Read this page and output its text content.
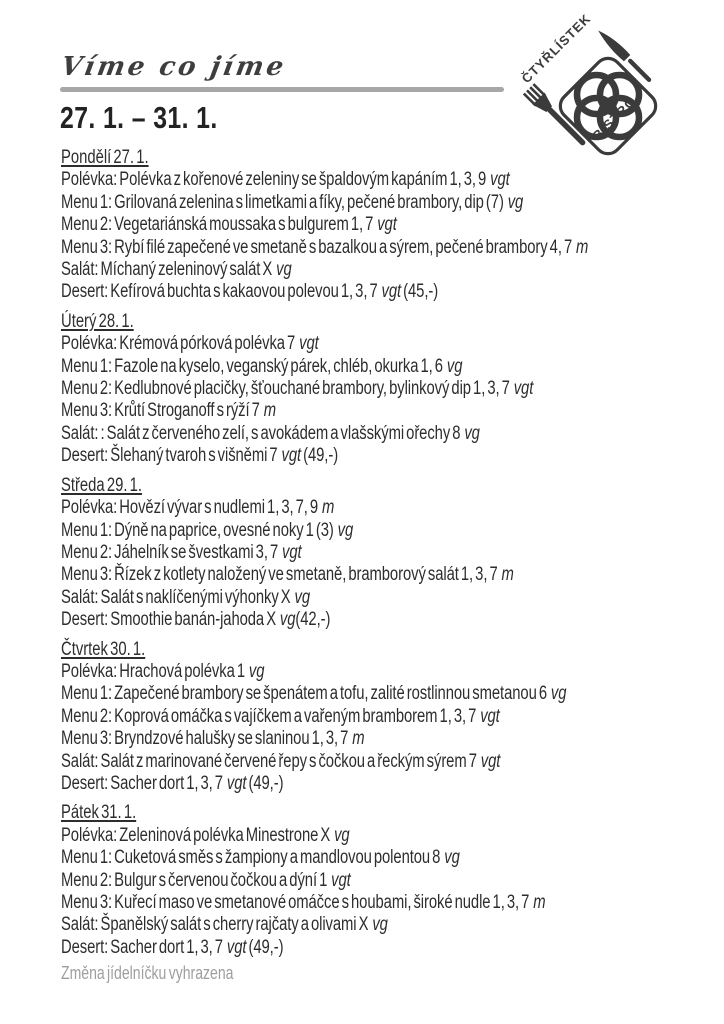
Víme co jíme	ČTYŘLÍSTEK
BISTRO
27. 1. – 31. 1.
Pondělí 27. 1.
Polévka: Polévka z kořenové zeleniny se špaldovým kapáním 1, 3, 9 vgt
Menu 1: Grilovaná zelenina s limetkami a fíky, pečené brambory, dip (7) vg
Menu 2: Vegetariánská moussaka s bulgurem 1, 7 vgt
Menu 3: Rybí filé zapečené ve smetaně s bazalkou a sýrem, pečené brambory 4, 7 m
Salát: Míchaný zeleninový salát X vg
Desert: Kefírová buchta s kakaovou polevou 1, 3, 7 vgt (45,-)
Úterý 28. 1.
Polévka: Krémová pórková polévka 7 vgt
Menu 1: Fazole na kyselo, veganský párek, chléb, okurka 1, 6 vg
Menu 2: Kedlubnové placičky, šťouchané brambory, bylinkový dip 1, 3, 7 vgt
Menu 3: Krůtí Stroganoff s rýží 7 m
Salát: : Salát z červeného zelí, s avokádem a vlašskými ořechy 8 vg
Desert: Šlehaný tvaroh s višněmi 7 vgt (49,-)
Středa 29. 1.
Polévka: Hovězí vývar s nudlemi 1, 3, 7, 9 m
Menu 1: Dýně na paprice, ovesné noky 1 (3) vg
Menu 2: Jáhelník se švestkami 3, 7 vgt
Menu 3: Řízek z kotlety naložený ve smetaně, bramborový salát 1, 3, 7 m
Salát: Salát s naklíčenými výhonky X vg
Desert: Smoothie banán-jahoda X vg(42,-)
Čtvrtek 30. 1.
Polévka: Hrachová polévka 1 vg
Menu 1: Zapečené brambory se špenátem a tofu, zalité rostlinnou smetanou 6 vg
Menu 2: Koprová omáčka s vajíčkem a vařeným bramborem 1, 3, 7 vgt
Menu 3: Bryndzové halušky se slaninou 1, 3, 7 m
Salát: Salát z marinované červené řepy s čočkou a řeckým sýrem 7 vgt
Desert: Sacher dort 1, 3, 7 vgt (49,-)
Pátek 31. 1.
Polévka: Zeleninová polévka Minestrone X vg
Menu 1: Cuketová směs s žampiony a mandlovou polentou 8 vg
Menu 2: Bulgur s červenou čočkou a dýní 1 vgt
Menu 3: Kuřecí maso ve smetanové omáčce s houbami, široké nudle 1, 3, 7 m
Salát: Španělský salát s cherry rajčaty a olivami X vg
Desert: Sacher dort 1, 3, 7 vgt (49,-)
Změna jídelníčku vyhrazena
